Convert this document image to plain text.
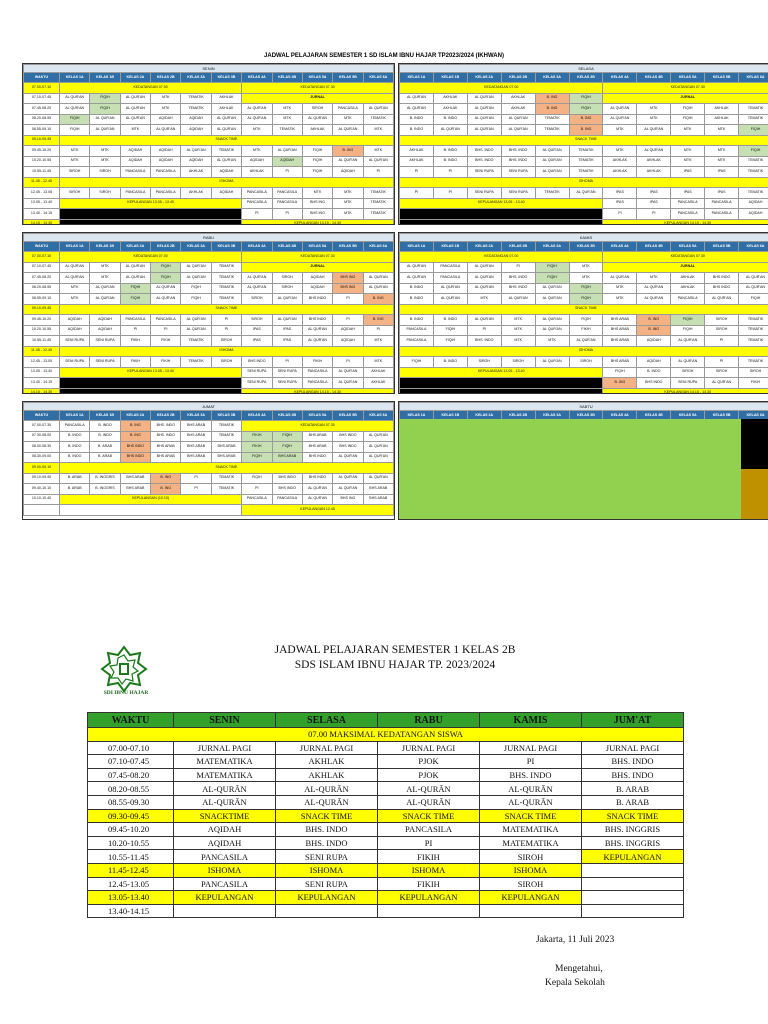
JADWAL PELAJARAN SEMESTER 1 SD ISLAM IBNU HAJAR TP2023/2024 (IKHWAN)
SENIN											
WAKTU	KELAS 1A	KELAS 1B	KELAS 2A	KELAS 2B	KELAS 3A	KELAS 3B	KELAS 4A	KELAS 4B	KELAS 5A	KELAS 5B	KELAS 6A
07.00-07.10	KEDATANGAN 07.00						KEDATANGAN 07.30				
07.10-07.45	AL QUR'AN	FIQIH	AL QUR'AN	MTK	TEMATIK	AKHLAK	JURNAL				
07.45-08.20	AL QUR'AN	FIQIH	AL QUR'AN	MTK	TEMATIK	AKHLAK	AL QUR'AN	MTK	SIROH	PANCASILA	AL QUR'AN
08.20-08.55	FIQIH	AL QUR'AN	AL QUR'AN	AQIDAH	AQIDAH	AL QUR'AN	AL QUR'AN	MTK	AL QUR'AN	MTK	TEMATIK
08.55-09.10	FIQIH	AL QUR'AN	MTK	AL QUR'AN	AQIDAH	AL QUR'AN	MTK	TEMATIK	AKHLAK	AL QUR'AN	MTK
09.10-09.45	SNACK TIME										
09.45-10.20	MTK	MTK	AQIDAH	AQIDAH	AL QUR'AN	TEMATIK	MTK	AL QUR'AN	FIQIH	B. ING	MTK
10.20-10.55	MTK	MTK	AQIDAH	AQIDAH	AQIDAH	AL QUR'AN	AQIDAH	AQIDAH	FIQIH	AL QUR'AN	AL QUR'AN
10.55-11.45	SIROH	SIROH	PANCASILA	PANCASILA	AKHLAK	AQIDAH	AKHLAK	PI	FIQIH	AQIDAH	PI
11.45 - 12.45	ISHOMA										
12.45 - 13.05	SIROH	SIROH	PANCASILA	PANCASILA	AKHLAK	AQIDAH	PANCASILA	PANCASILA	MTK	MTK	TEMATIK
13.05 - 13.40	KEPULANGAN 13.05 - 13.40						PANCASILA	PANCASILA	BHS ING	MTK	TEMATIK
13.40 - 14.15							PI	PI	BHS ING	MTK	TEMATIK
14.15 - 14.30							KEPULANGAN 14.15 - 14.30				
SELASA										
KELAS 1A	KELAS 1B	KELAS 2A	KELAS 2B	KELAS 3A	KELAS 3B	KELAS 4A	KELAS 4B	KELAS 5A	KELAS 5B	KELAS 6A
KEDATANGAN 07.00						KEDATANGAN 07.30				
AL QUR'AN	AKHLAK	AL QUR'AN	AKHLAK	B. ING	FIQIH	JURNAL				
AL QUR'AN	AKHLAK	AL QUR'AN	AKHLAK	B. ING	FIQIH	AL QUR'AN	MTK	FIQIH	AKHLAK	TEMATIK
B. INDO	B. INDO	AL QUR'AN	AL QUR'AN	TEMATIK	B. ING	AL QUR'AN	MTK	FIQIH	AKHLAK	TEMATIK
B. INDO	AL QUR'AN	AL QUR'AN	AL QUR'AN	TEMATIK	B. ING	MTK	AL QUR'AN	MTK	MTK	FIQIH
SNACK TIME										
AKHLAK	B. INDO	BHS. INDO	BHS. INDO	AL QUR'AN	TEMATIK	MTK	AL QUR'AN	MTK	MTK	FIQIH
AKHLAK	B. INDO	BHS. INDO	BHS. INDO	AL QUR'AN	TEMATIK	AKHLAK	AKHLAK	MTK	MTK	TEMATIK
PI	PI	SENI RUPA	SENI RUPA	AL QUR'AN	TEMATIK	AKHLAK	AKHLAK	IPAS	IPAS	TEMATIK
ISHOMA										
PI	PI	SENI RUPA	SENI RUPA	TEMATIK	AL QUR'AN	IPAS	IPAS	IPAS	IPAS	TEMATIK
KEPULANGAN 13.05 - 13.40						IPAS	IPAS	PANCASILA	PANCASILA	AQIDAH
						PI	PI	PANCASILA	PANCASILA	AQIDAH
						KEPULANGAN 14.15 - 14.30				
RABU											
WAKTU	KELAS 1A	KELAS 1B	KELAS 2A	KELAS 2B	KELAS 3A	KELAS 3B	KELAS 4A	KELAS 4B	KELAS 5A	KELAS 5B	KELAS 6A
07.00-07.10	KEDATANGAN 07.00						KEDATANGAN 07.30				
07.10-07.45	AL QUR'AN	MTK	AL QUR'AN	FIQIH	AL QUR'AN	TEMATIK	JURNAL				
07.45-08.20	AL QUR'AN	MTK	AL QUR'AN	FIQIH	AL QUR'AN	TEMATIK	AL QUR'AN	SIROH	AQIDAH	BHS ING	AL QUR'AN
08.20-08.55	MTK	AL QUR'AN	FIQIH	AL QUR'AN	FIQIH	TEMATIK	AL QUR'AN	SIROH	AQIDAH	BHS ING	AL QUR'AN
08.55-09.10	MTK	AL QUR'AN	FIQIH	AL QUR'AN	FIQIH	TEMATIK	SIROH	AL QUR'AN	BHS INDO	PI	B. ING
09.10-09.45	SNACK TIME										
09.45-10.20	AQIDAH	AQIDAH	PANCASILA	PANCASILA	AL QUR'AN	PI	SIROH	AL QUR'AN	BHS INDO	PI	B. ING
10.20-10.55	AQIDAH	AQIDAH	PI	PI	AL QUR'AN	PI	IPAS	IPAS	AL QUR'AN	AQIDAH	PI
10.55-11.45	SENI RUPA	SENI RUPA	FIKIH	FIKIH	TEMATIK	SIROH	IPAS	IPAS	AL QUR'AN	AQIDAH	MTK
11.45 - 12.45	ISHOMA										
12.45 - 13.05	SENI RUPA	SENI RUPA	FIKIH	FIKIH	TEMATIK	SIROH	BHS INDO	PI	FIKIH	PI	MTK
13.05 - 13.40	KEPULANGAN 13.05 - 13.40						SENI RUPA	SENI RUPA	PANCASILA	AL QUR'AN	AKHLAK
13.40 - 14.15							SENI RUPA	SENI RUPA	PANCASILA	AL QUR'AN	AKHLAK
14.15 - 14.30							KEPULANGAN 14.15 - 14.30				
KAMIS											
KELAS 1A	KELAS 1B	KELAS 2A	KELAS 2B	KELAS 3A	KELAS 3B	KELAS 4A	KELAS 4B	KELAS 5A	KELAS 5B	KELAS 6A	
KEDATANGAN 07.00						KEDATANGAN 07.30					
AL QUR'AN	PANCASILA	AL QUR'AN	PI	FIQIH	MTK	JURNAL					
AL QUR'AN	PANCASILA	AL QUR'AN	BHS. INDO	FIQIH	MTK	AL QUR'AN	MTK	AKHLAK	BHS INDO	AL QUR'AN	
B. INDO	AL QUR'AN	AL QUR'AN	BHS. INDO	AL QUR'AN	FIQIH	MTK	AL QUR'AN	AKHLAK	BHS INDO	AL QUR'AN	
B. INDO	AL QUR'AN	MTK	AL QUR'AN	AL QUR'AN	FIQIH	MTK	AL QUR'AN	PANCASILA	AL QUR'AN	FIQIH	
SNACK TIME											
B. INDO	B. INDO	AL QUR'AN	MTK	AL QUR'AN	FIQIH	BHS ARAB	B. ING	FIQIH	SIROH	TEMATIK	
PANCASILA	FIQIH	PI	MTK	AL QUR'AN	FIKIH	BHS ARAB	B. ING	FIQIH	SIROH	TEMATIK	
PANCASILA	FIQIH	BHS. INDO	MTK	MTK	AL QUR'AN	BHS ARAB	AQIDAH	AL QUR'AN	PI	TEMATIK	
ISHOMA											
FIQIH	B. INDO	SIROH	SIROH	AL QUR'AN	SIROH	BHS ARAB	AQIDAH	AL QUR'AN	PI	TEMATIK	
KEPULANGAN 13.05 - 13.40						FIQIH	B. INDO	SIROH	SIROH	SIROH						
						B. ING	BHS INDO	SENI RUPA	AL QUR'AN	FIKIH	
						KEPULANGAN 14.15 - 14.30					
JUMAT											
WAKTU	KELAS 1A	KELAS 1B	KELAS 2A	KELAS 2B	KELAS 3A	KELAS 3B	KELAS 4A	KELAS 4B	KELAS 5A	KELAS 5B	KELAS 6A
07.00-07.30	PANCASILA	B. INDO	B. ING	BHS. INDO	BHS ARAB	TEMATIK	KEDATANGAN 07.30				
07.30-08.00	B. INDO	B. INDO	B. ING	BHS. INDO	BHS ARAB	TEMATIK	FIKIH	FIQIH	BHS ARAB	BHS INDO	AL QUR'AN
08.00-08.30	B. INDO	B. ARAB	BHS INDO	BHS ARAB	BHS ARAB	BHS ARAB	FIKIH	FIQIH	BHS ARAB	BHS INDO	AL QUR'AN
08.30-09.00	B. INDO	B. ARAB	BHS INDO	BHS ARAB	BHS ARAB	BHS ARAB	FIQIH	BHS ARAB	BHS INDO	AL QUR'AN	AL QUR'AN
09.00-09.10	SNACK TIME										
09.10-09.40	B. ARAB	B. INGGRIS	BHS ARAB	B. ING	PI	TEMATIK	FIQIH	BHS INDO	BHS INDO	AL QUR'AN	AL QUR'AN
09.40-10.10	B. ARAB	B. INGGRIS	BHS ARAB	B. ING	PI	TEMATIK	PI	BHS INDO	AL QUR'AN	AL QUR'AN	BHS ARAB
10.10-10.40	KEPULANGAN (10.10)						PANCASILA	PANCASILA	AL QUR'AN	BHS ING	BHS ARAB
							KEPULANGAN 12.45				
SABTU
KELAS 1A	KELAS 1B	KELAS 2A	KELAS 2B	KELAS 3A	KELAS 3B	KELAS 4A	KELAS 4B	KELAS 5A	KELAS 5B	KELAS 6A
SDI IBNU HAJAR
JADWAL PELAJARAN SEMESTER 1 KELAS 2B
SDS ISLAM IBNU HAJAR TP. 2023/2024
WAKTU	SENIN	SELASA	RABU	KAMIS	JUM'AT
07.00 MAKSIMAL KEDATANGAN SISWA					
07.00-07.10	JURNAL PAGI	JURNAL PAGI	JURNAL PAGI	JURNAL PAGI	JURNAL PAGI
07.10-07.45	MATEMATIKA	AKHLAK	PJOK	PI	BHS. INDO
07.45-08.20	MATEMATIKA	AKHLAK	PJOK	BHS. INDO	BHS. INDO
08.20-08.55	AL-QURĀN	AL-QURĀN	AL-QURĀN	AL-QURĀN	B. ARAB
08.55-09.30	AL-QURĀN	AL-QURĀN	AL-QURĀN	AL-QURĀN	B. ARAB
09.30-09.45	SNACKTIME	SNACK TIME	SNACK TIME	SNACK TIME	SNACK TIME
09.45-10.20	AQIDAH	BHS. INDO	PANCASILA	MATEMATIKA	BHS. INGGRIS
10.20-10.55	AQIDAH	BHS. INDO	PI	MATEMATIKA	BHS. INGGRIS
10.55-11.45	PANCASILA	SENI RUPA	FIKIH	SIROH	KEPULANGAN
11.45-12.45	ISHOMA	ISHOMA	ISHOMA	ISHOMA	
12.45-13.05	PANCASILA	SENI RUPA	FIKIH	SIROH	
13.05-13.40	KEPULANGAN	KEPULANGAN	KEPULANGAN	KEPULANGAN	
13.40-14.15					
Jakarta, 11 Juli 2023
Mengetahui,
Kepala Sekolah
